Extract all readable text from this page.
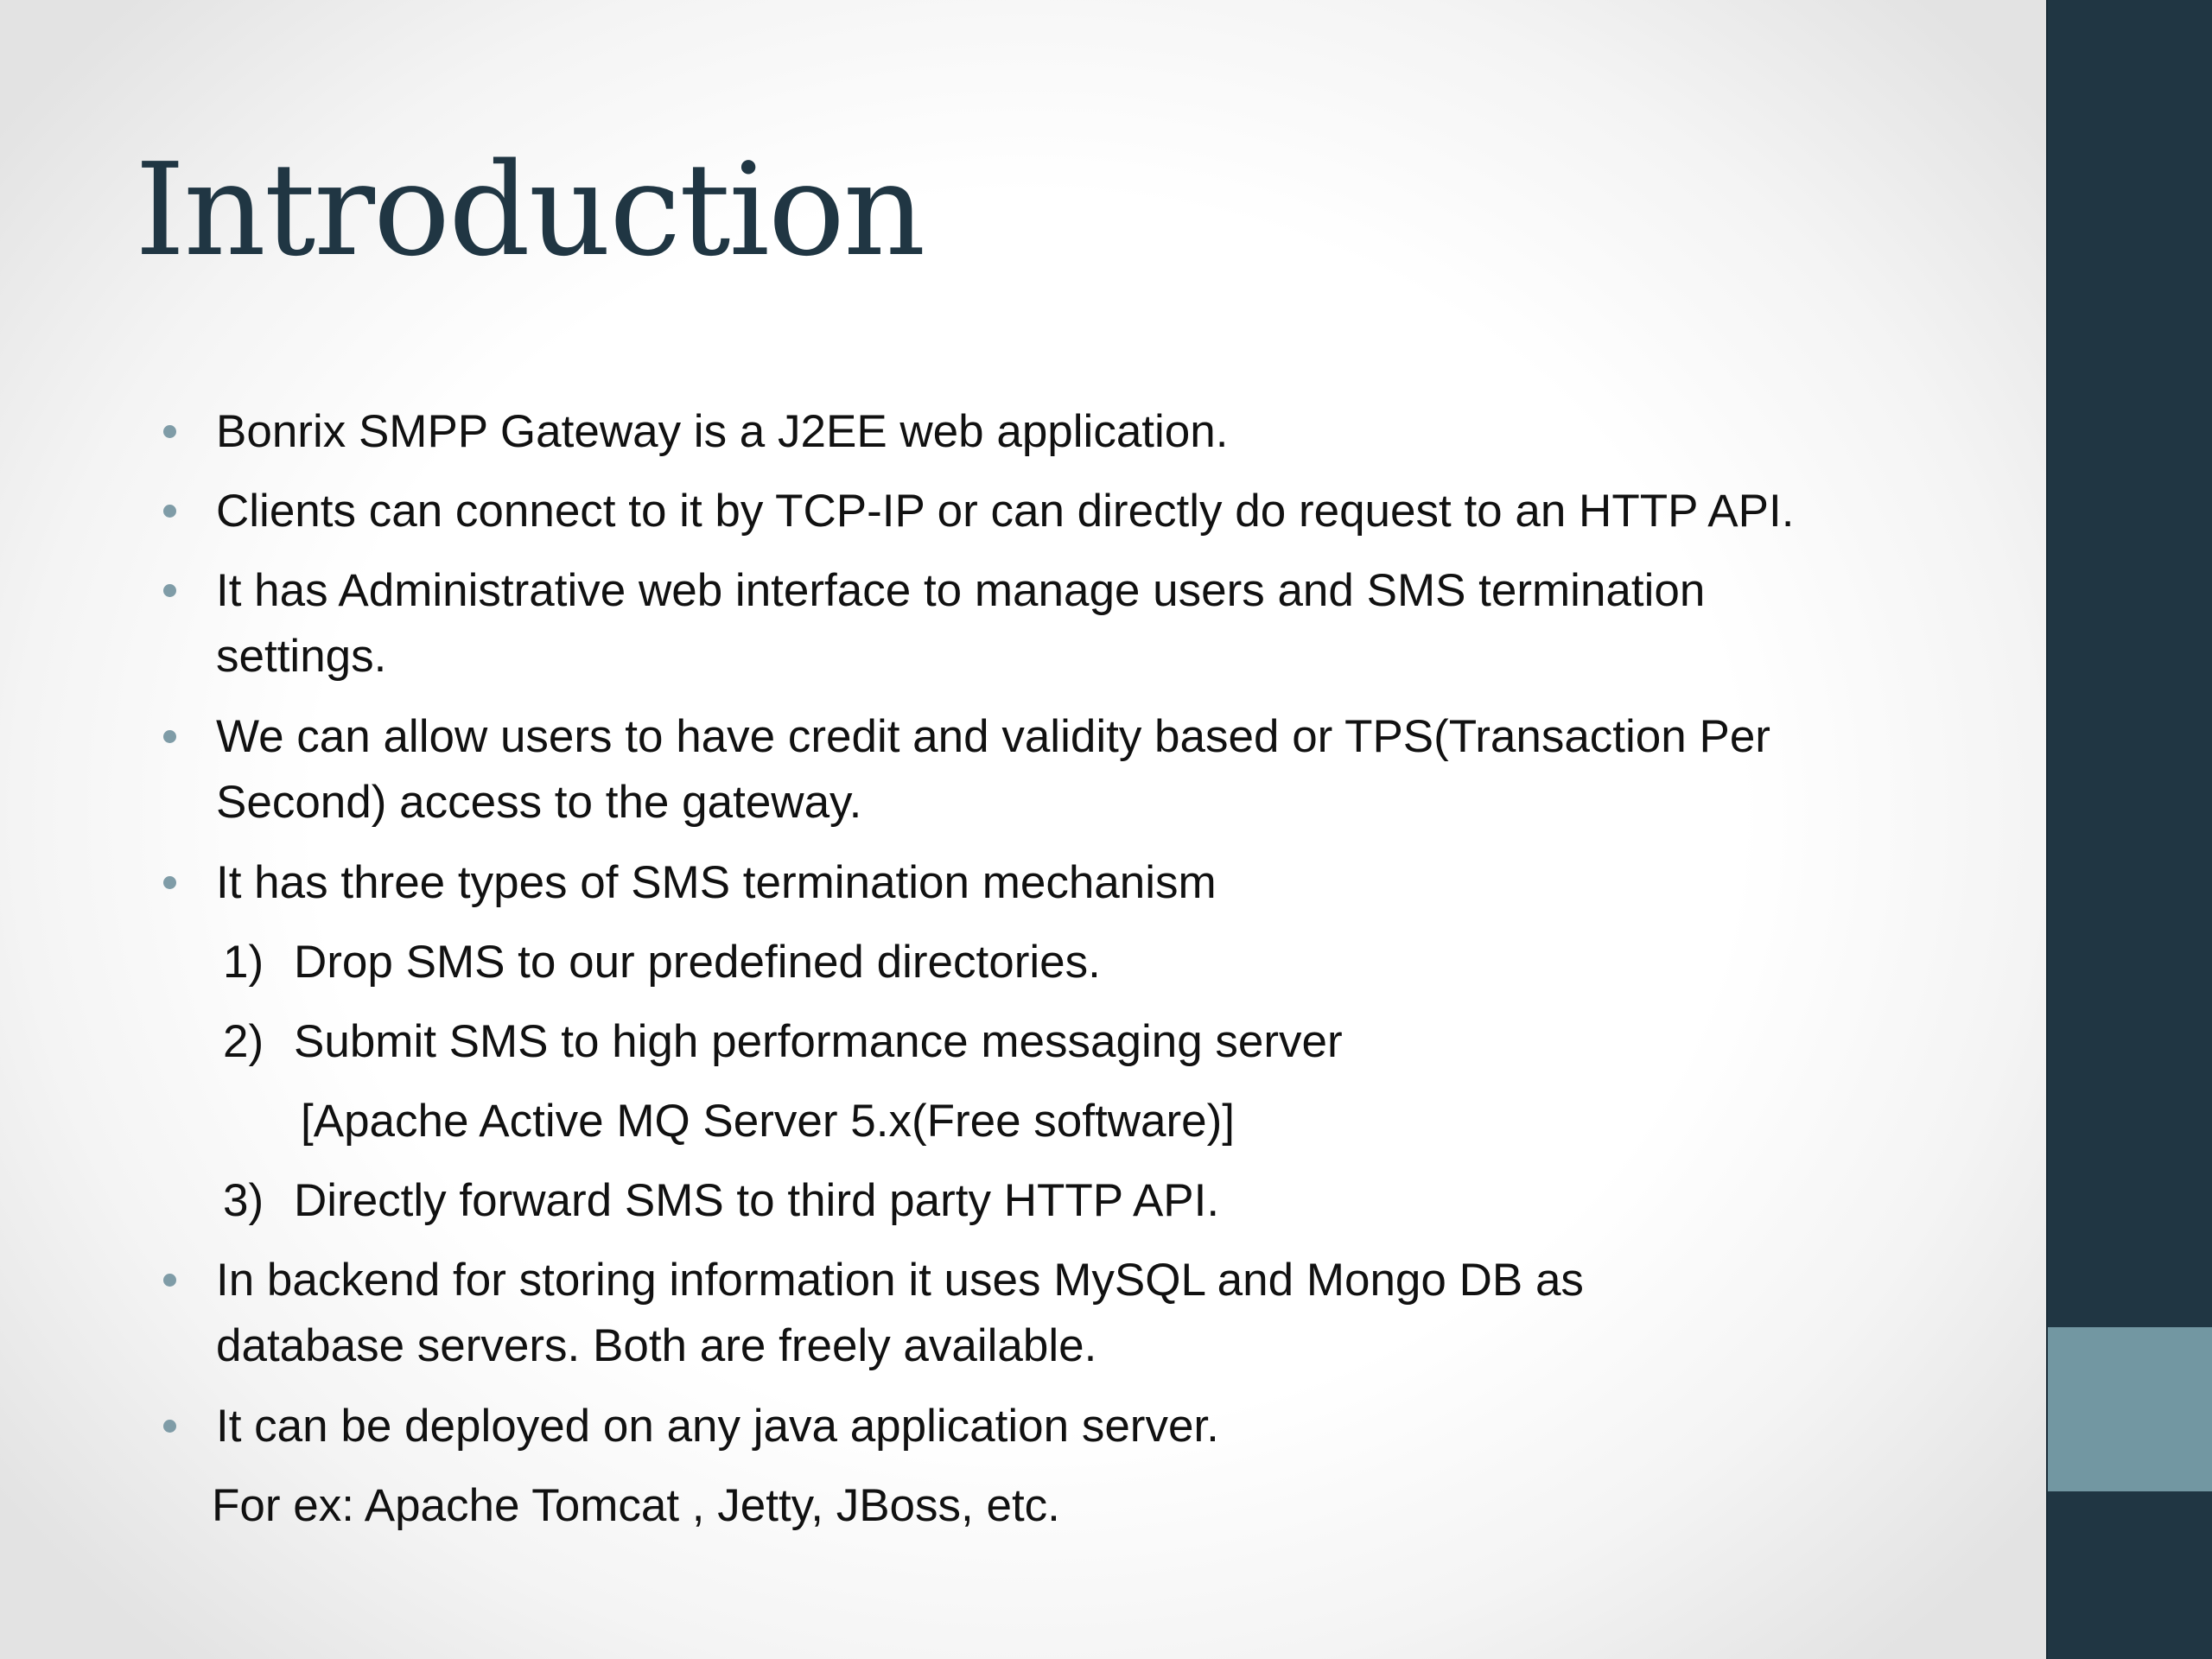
Introduction

Bonrix SMPP Gateway is a J2EE web application.

Clients can connect to it by TCP-IP or can directly do request to an HTTP API.

It has Administrative web interface to manage users and SMS termination

settings.

We can allow users to have credit and validity based or TPS(Transaction Per

Second) access to the gateway.

It has three types of SMS termination mechanism

1) Drop SMS to our predefined directories.

2) Submit SMS to high performance messaging server

[Apache Active MQ Server 5.x(Free software)]

3) Directly forward SMS to third party HTTP API.

In backend for storing information it uses MySQL and Mongo DB as

database servers. Both are freely available.

It can be deployed on any java application server.

For ex: Apache Tomcat , Jetty, JBoss, etc.
